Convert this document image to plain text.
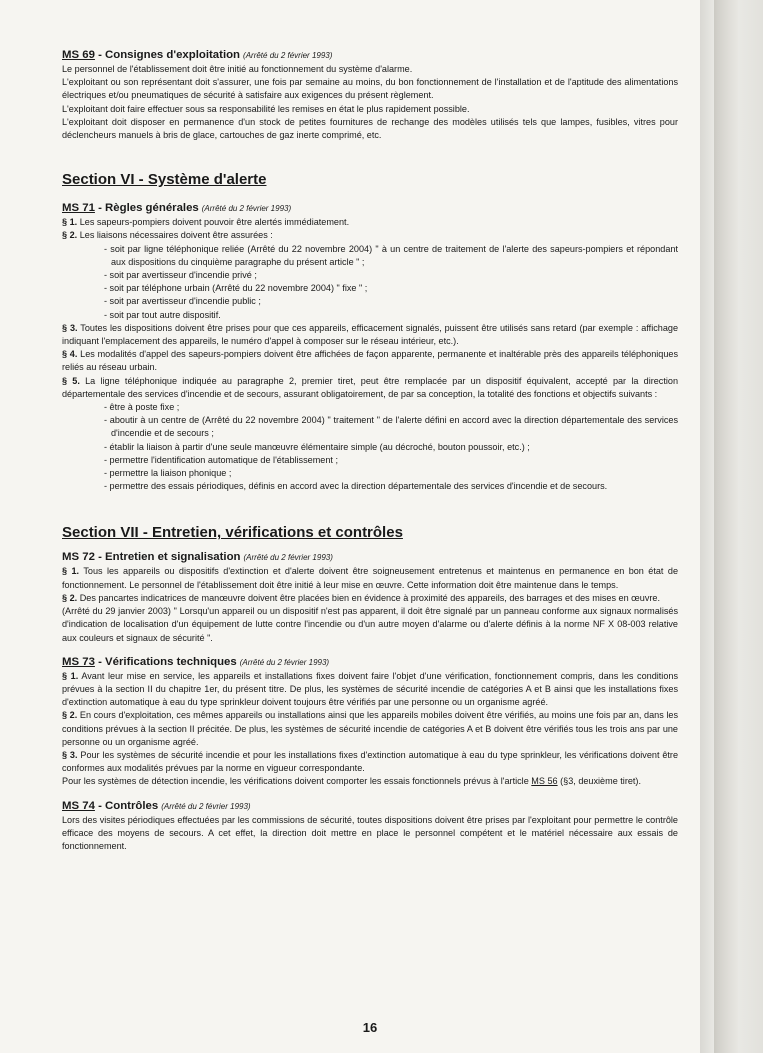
MS 69 - Consignes d'exploitation (Arrêté du 2 février 1993)

Le personnel de l'établissement doit être initié au fonctionnement du système d'alarme.

L'exploitant ou son représentant doit s'assurer, une fois par semaine au moins, du bon fonctionnement de l'installation et de l'aptitude des alimentations électriques et/ou pneumatiques de sécurité à satisfaire aux exigences du présent règlement.

L'exploitant doit faire effectuer sous sa responsabilité les remises en état le plus rapidement possible.

L'exploitant doit disposer en permanence d'un stock de petites fournitures de rechange des modèles utilisés tels que lampes, fusibles, vitres pour déclencheurs manuels à bris de glace, cartouches de gaz inerte comprimé, etc.

Section VI - Système d'alerte
MS 71 - Règles générales (Arrêté du 2 février 1993)

§ 1. Les sapeurs-pompiers doivent pouvoir être alertés immédiatement.

§ 2. Les liaisons nécessaires doivent être assurées :

- soit par ligne téléphonique reliée (Arrêté du 22 novembre 2004) " à un centre de traitement de l'alerte des sapeurs-pompiers et répondant aux dispositions du cinquième paragraphe du présent article " ;
- soit par avertisseur d'incendie privé ;
- soit par téléphone urbain (Arrêté du 22 novembre 2004) " fixe " ;
- soit par avertisseur d'incendie public ;
- soit par tout autre dispositif.

§ 3. Toutes les dispositions doivent être prises pour que ces appareils, efficacement signalés, puissent être utilisés sans retard (par exemple : affichage indiquant l'emplacement des appareils, le numéro d'appel à composer sur le réseau intérieur, etc.).

§ 4. Les modalités d'appel des sapeurs-pompiers doivent être affichées de façon apparente, permanente et inaltérable près des appareils téléphoniques reliés au réseau urbain.

§ 5. La ligne téléphonique indiquée au paragraphe 2, premier tiret, peut être remplacée par un dispositif équivalent, accepté par la direction départementale des services d'incendie et de secours, assurant obligatoirement, de par sa conception, la totalité des fonctions et objectifs suivants :

- être à poste fixe ;
- aboutir à un centre de (Arrêté du 22 novembre 2004) " traitement " de l'alerte défini en accord avec la direction départementale des services d'incendie et de secours ;
- établir la liaison à partir d'une seule manœuvre élémentaire simple (au décroché, bouton poussoir, etc.) ;
- permettre l'identification automatique de l'établissement ;
- permettre la liaison phonique ;
- permettre des essais périodiques, définis en accord avec la direction départementale des services d'incendie et de secours.
Section VII - Entretien, vérifications et contrôles
MS 72 - Entretien et signalisation (Arrêté du 2 février 1993)

§ 1. Tous les appareils ou dispositifs d'extinction et d'alerte doivent être soigneusement entretenus et maintenus en permanence en bon état de fonctionnement. Le personnel de l'établissement doit être initié à leur mise en œuvre. Cette information doit être maintenue dans le temps.

§ 2. Des pancartes indicatrices de manœuvre doivent être placées bien en évidence à proximité des appareils, des barrages et des mises en œuvre.

(Arrêté du 29 janvier 2003) " Lorsqu'un appareil ou un dispositif n'est pas apparent, il doit être signalé par un panneau conforme aux signaux normalisés d'indication de localisation d'un équipement de lutte contre l'incendie ou d'un autre moyen d'alarme ou d'alerte définis à la norme NF X 08-003 relative aux couleurs et signaux de sécurité ".

MS 73 - Vérifications techniques (Arrêté du 2 février 1993)

§ 1. Avant leur mise en service, les appareils et installations fixes doivent faire l'objet d'une vérification, fonctionnement compris, dans les conditions prévues à la section II du chapitre 1er, du présent titre. De plus, les systèmes de sécurité incendie de catégories A et B ainsi que les installations fixes d'extinction automatique à eau du type sprinkleur doivent toujours être vérifiés par une personne ou un organisme agréé.

§ 2. En cours d'exploitation, ces mêmes appareils ou installations ainsi que les appareils mobiles doivent être vérifiés, au moins une fois par an, dans les conditions prévues à la section II précitée. De plus, les systèmes de sécurité incendie de catégories A et B doivent être vérifiés tous les trois ans par une personne ou un organisme agréé.

§ 3. Pour les systèmes de sécurité incendie et pour les installations fixes d'extinction automatique à eau du type sprinkleur, les vérifications doivent être conformes aux modalités prévues par la norme en vigueur correspondante.

Pour les systèmes de détection incendie, les vérifications doivent comporter les essais fonctionnels prévus à l'article MS 56 (§3, deuxième tiret).

MS 74 - Contrôles (Arrêté du 2 février 1993)

Lors des visites périodiques effectuées par les commissions de sécurité, toutes dispositions doivent être prises par l'exploitant pour permettre le contrôle efficace des moyens de secours. A cet effet, la direction doit mettre en place le personnel compétent et le matériel nécessaire aux essais de fonctionnement.

16
